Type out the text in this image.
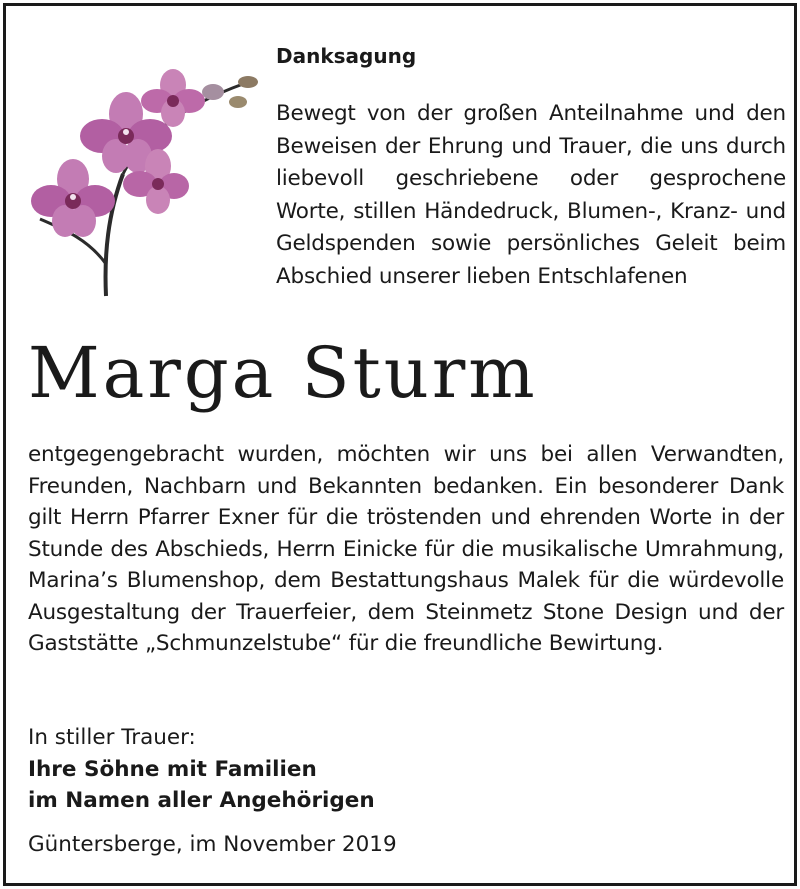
Danksagung
Bewegt von der großen Anteilnahme und den Beweisen der Ehrung und Trauer, die uns durch liebevoll geschriebene oder gesprochene Worte, stillen Händedruck, Blumen-, Kranz- und Geldspenden sowie persönliches Geleit beim Abschied unserer lieben Entschlafenen
Marga Sturm
entgegengebracht wurden, möchten wir uns bei allen Verwandten, Freunden, Nachbarn und Bekannten bedanken. Ein besonderer Dank gilt Herrn Pfarrer Exner für die tröstenden und ehrenden Worte in der Stunde des Abschieds, Herrn Einicke für die musikalische Umrahmung, Marina’s Blumenshop, dem Bestattungshaus Malek für die würdevolle Ausgestaltung der Trauerfeier, dem Steinmetz Stone Design und der Gaststätte „Schmunzelstube“ für die freundliche Bewirtung.
In stiller Trauer:
Ihre Söhne mit Familien
im Namen aller Angehörigen
Güntersberge, im November 2019
